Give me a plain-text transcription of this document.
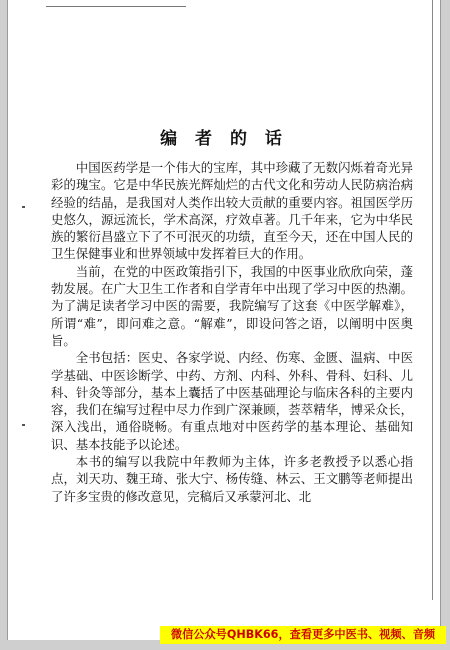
编 者 的 话

中国医药学是一个伟大的宝库，其中珍藏了无数闪烁着奇光异彩的瑰宝。它是中华民族光辉灿烂的古代文化和劳动人民防病治病经验的结晶，是我国对人类作出较大贡献的重要内容。祖国医学历史悠久，源远流长，学术高深，疗效卓著。几千年来，它为中华民族的繁衍昌盛立下了不可泯灭的功绩，直至今天，还在中国人民的卫生保健事业和世界领域中发挥着巨大的作用。

当前，在党的中医政策指引下，我国的中医事业欣欣向荣，蓬勃发展。在广大卫生工作者和自学青年中出现了学习中医的热潮。为了满足读者学习中医的需要，我院编写了这套《中医学解难》，所谓“难”，即问难之意。“解难”，即设问答之语，以阐明中医奥旨。

全书包括：医史、各家学说、内经、伤寒、金匮、温病、中医学基础、中医诊断学、中药、方剂、内科、外科、骨科、妇科、儿科、针灸等部分，基本上囊括了中医基础理论与临床各科的主要内容，我们在编写过程中尽力作到广深兼顾，荟萃精华，博采众长，深入浅出，通俗晓畅。有重点地对中医药学的基本理论、基础知识、基本技能予以论述。

本书的编写以我院中年教师为主体，许多老教授予以悉心指点，刘天功、魏王琦、张大宁、杨传缝、林云、王文鹏等老师提出了许多宝贵的修改意见，完稿后又承蒙河北、北

微信公众号QHBK66，查看更多中医书、视频、音频
